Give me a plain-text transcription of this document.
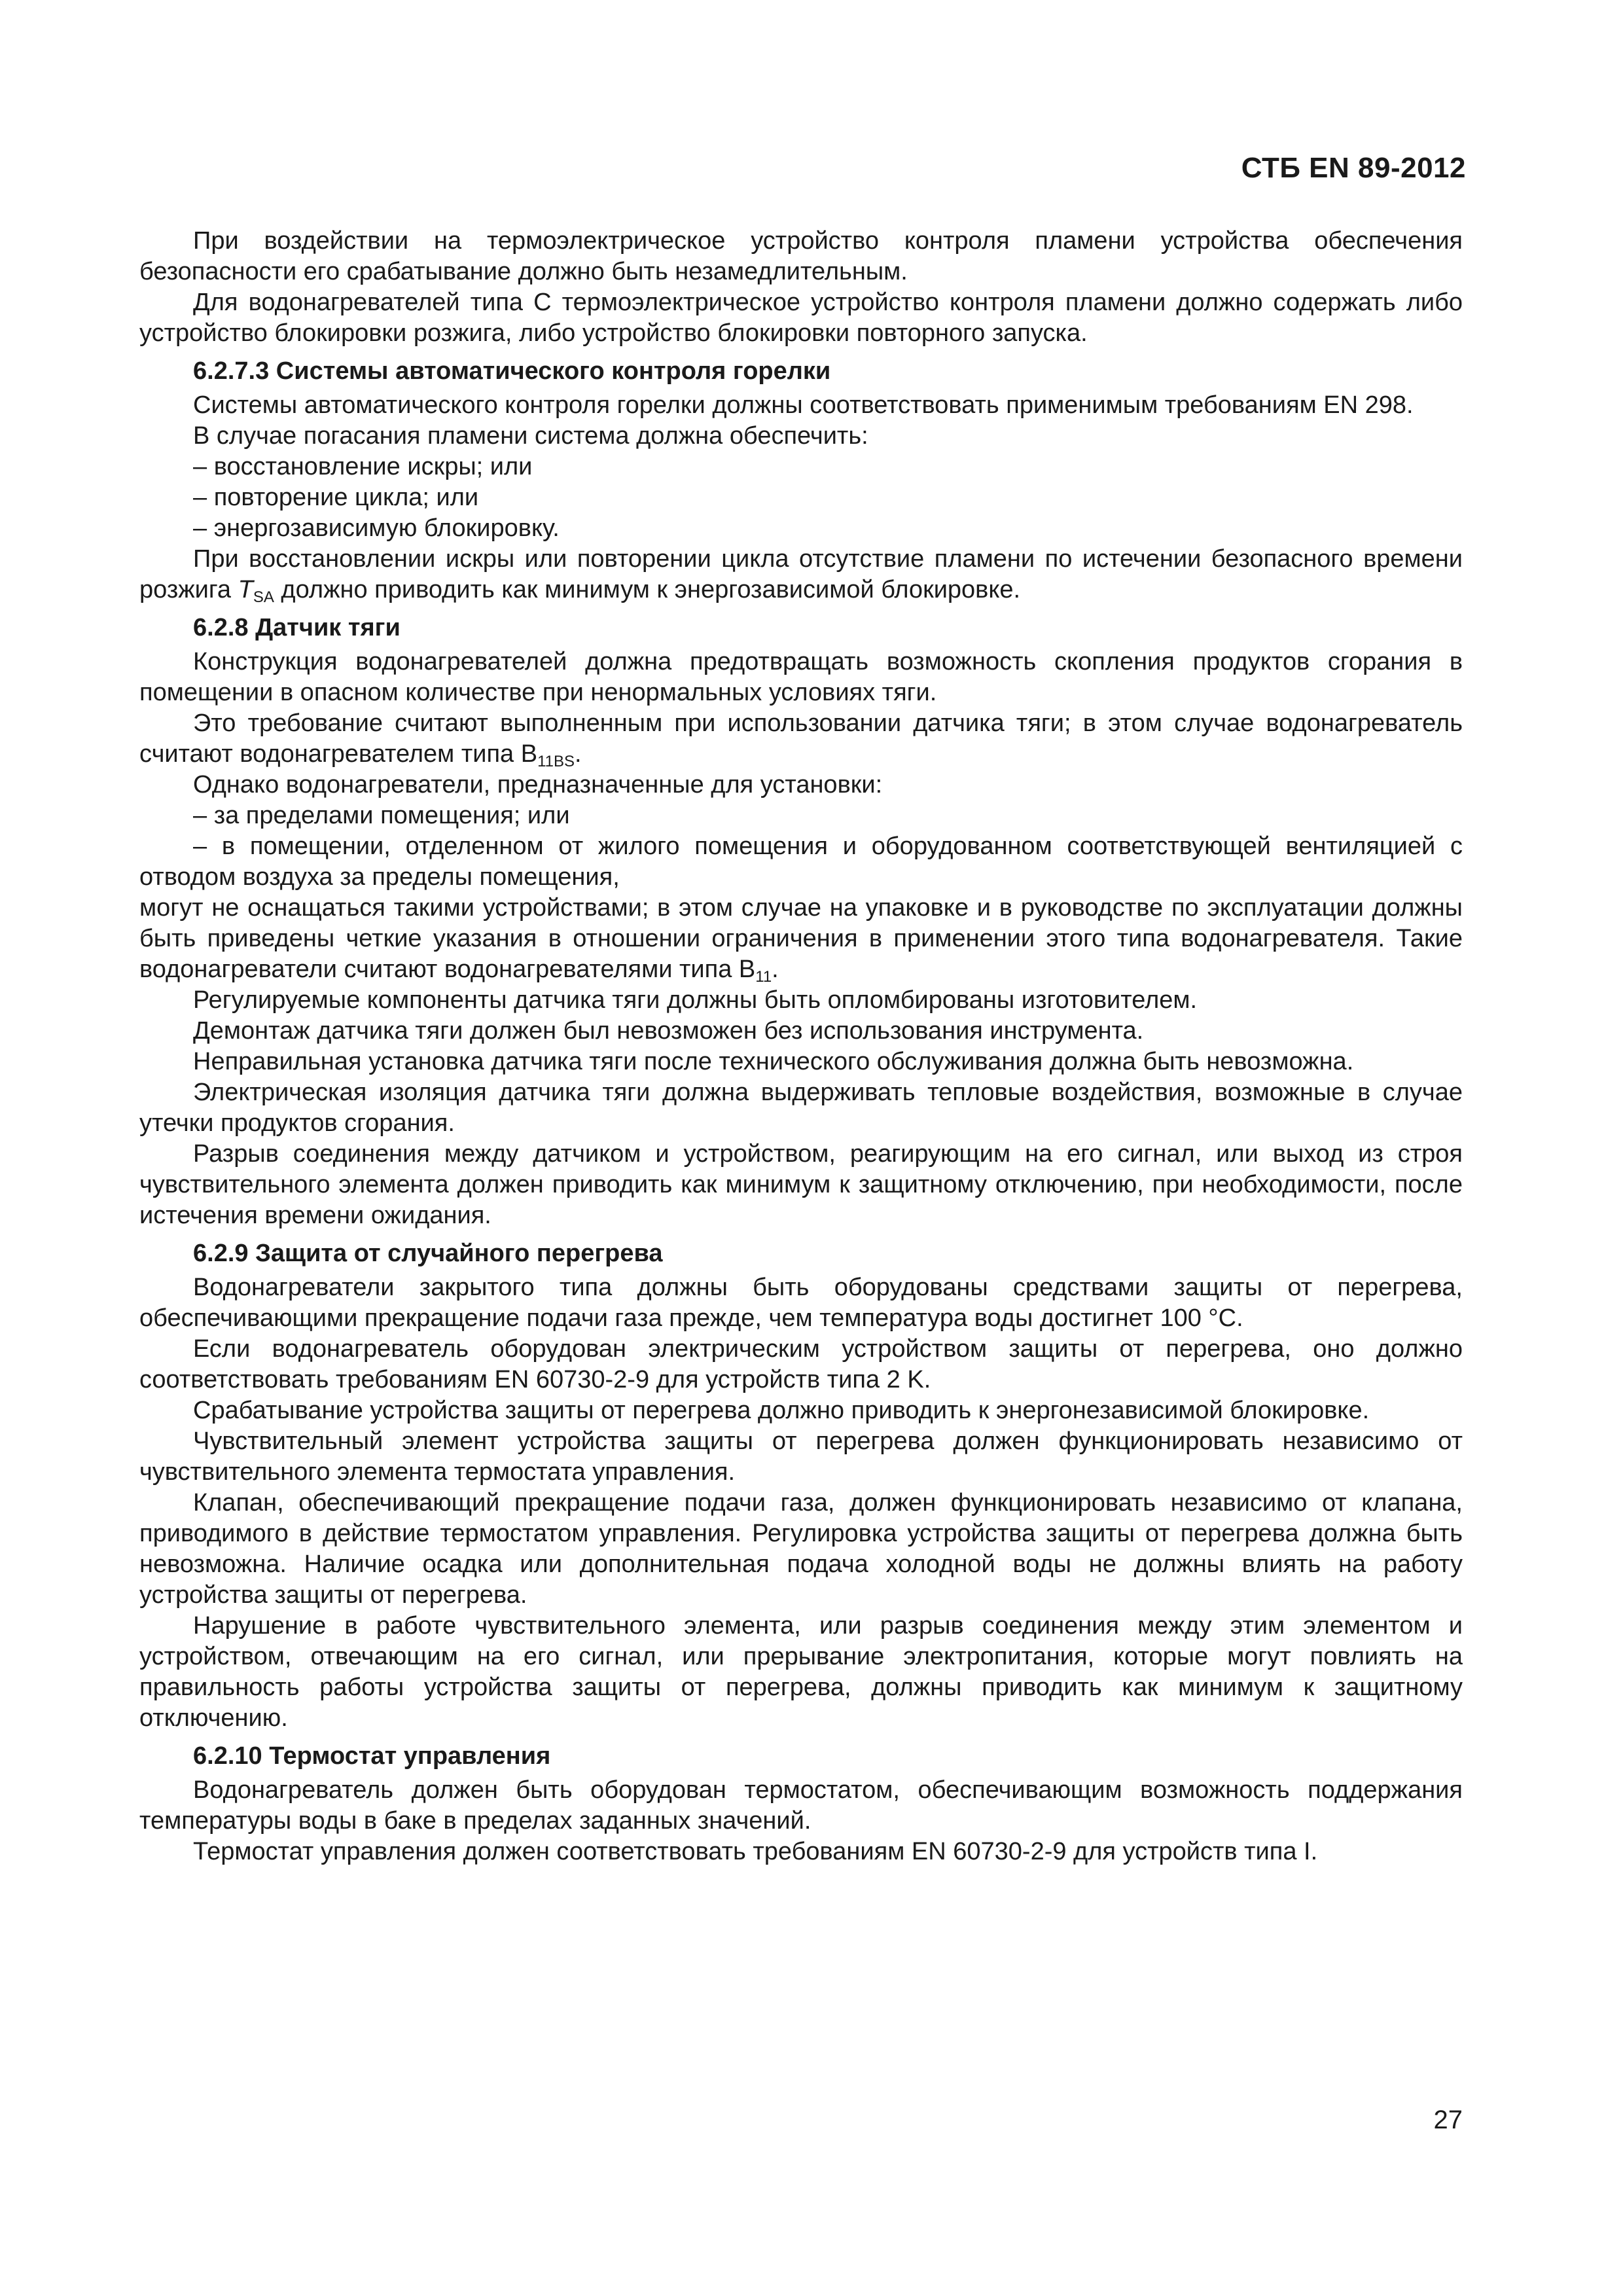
СТБ EN 89-2012

При воздействии на термоэлектрическое устройство контроля пламени устройства обеспечения безопасности его срабатывание должно быть незамедлительным.

Для водонагревателей типа С термоэлектрическое устройство контроля пламени должно содержать либо устройство блокировки розжига, либо устройство блокировки повторного запуска.

6.2.7.3 Системы автоматического контроля горелки

Системы автоматического контроля горелки должны соответствовать применимым требованиям EN 298.

В случае погасания пламени система должна обеспечить:

– восстановление искры; или
– повторение цикла; или
– энергозависимую блокировку.

При восстановлении искры или повторении цикла отсутствие пламени по истечении безопасного времени розжига $T_{SA}$ должно приводить как минимум к энергозависимой блокировке.

6.2.8 Датчик тяги

Конструкция водонагревателей должна предотвращать возможность скопления продуктов сгорания в помещении в опасном количестве при ненормальных условиях тяги.

Это требование считают выполненным при использовании датчика тяги; в этом случае водонагреватель считают водонагревателем типа $B_{11BS}$.

Однако водонагреватели, предназначенные для установки:

– за пределами помещения; или
– в помещении, отделенном от жилого помещения и оборудованном соответствующей вентиляцией с отводом воздуха за пределы помещения,

могут не оснащаться такими устройствами; в этом случае на упаковке и в руководстве по эксплуатации должны быть приведены четкие указания в отношении ограничения в применении этого типа водонагревателя. Такие водонагреватели считают водонагревателями типа $B_{11}$.

Регулируемые компоненты датчика тяги должны быть опломбированы изготовителем.

Демонтаж датчика тяги должен был невозможен без использования инструмента.

Неправильная установка датчика тяги после технического обслуживания должна быть невозможна.

Электрическая изоляция датчика тяги должна выдерживать тепловые воздействия, возможные в случае утечки продуктов сгорания.

Разрыв соединения между датчиком и устройством, реагирующим на его сигнал, или выход из строя чувствительного элемента должен приводить как минимум к защитному отключению, при необходимости, после истечения времени ожидания.

6.2.9 Защита от случайного перегрева

Водонагреватели закрытого типа должны быть оборудованы средствами защиты от перегрева, обеспечивающими прекращение подачи газа прежде, чем температура воды достигнет 100 °С.

Если водонагреватель оборудован электрическим устройством защиты от перегрева, оно должно соответствовать требованиям EN 60730-2-9 для устройств типа 2 K.

Срабатывание устройства защиты от перегрева должно приводить к энергонезависимой блокировке.

Чувствительный элемент устройства защиты от перегрева должен функционировать независимо от чувствительного элемента термостата управления.

Клапан, обеспечивающий прекращение подачи газа, должен функционировать независимо от клапана, приводимого в действие термостатом управления. Регулировка устройства защиты от перегрева должна быть невозможна. Наличие осадка или дополнительная подача холодной воды не должны влиять на работу устройства защиты от перегрева.

Нарушение в работе чувствительного элемента, или разрыв соединения между этим элементом и устройством, отвечающим на его сигнал, или прерывание электропитания, которые могут повлиять на правильность работы устройства защиты от перегрева, должны приводить как минимум к защитному отключению.

6.2.10 Термостат управления

Водонагреватель должен быть оборудован термостатом, обеспечивающим возможность поддержания температуры воды в баке в пределах заданных значений.

Термостат управления должен соответствовать требованиям EN 60730-2-9 для устройств типа I.

27
